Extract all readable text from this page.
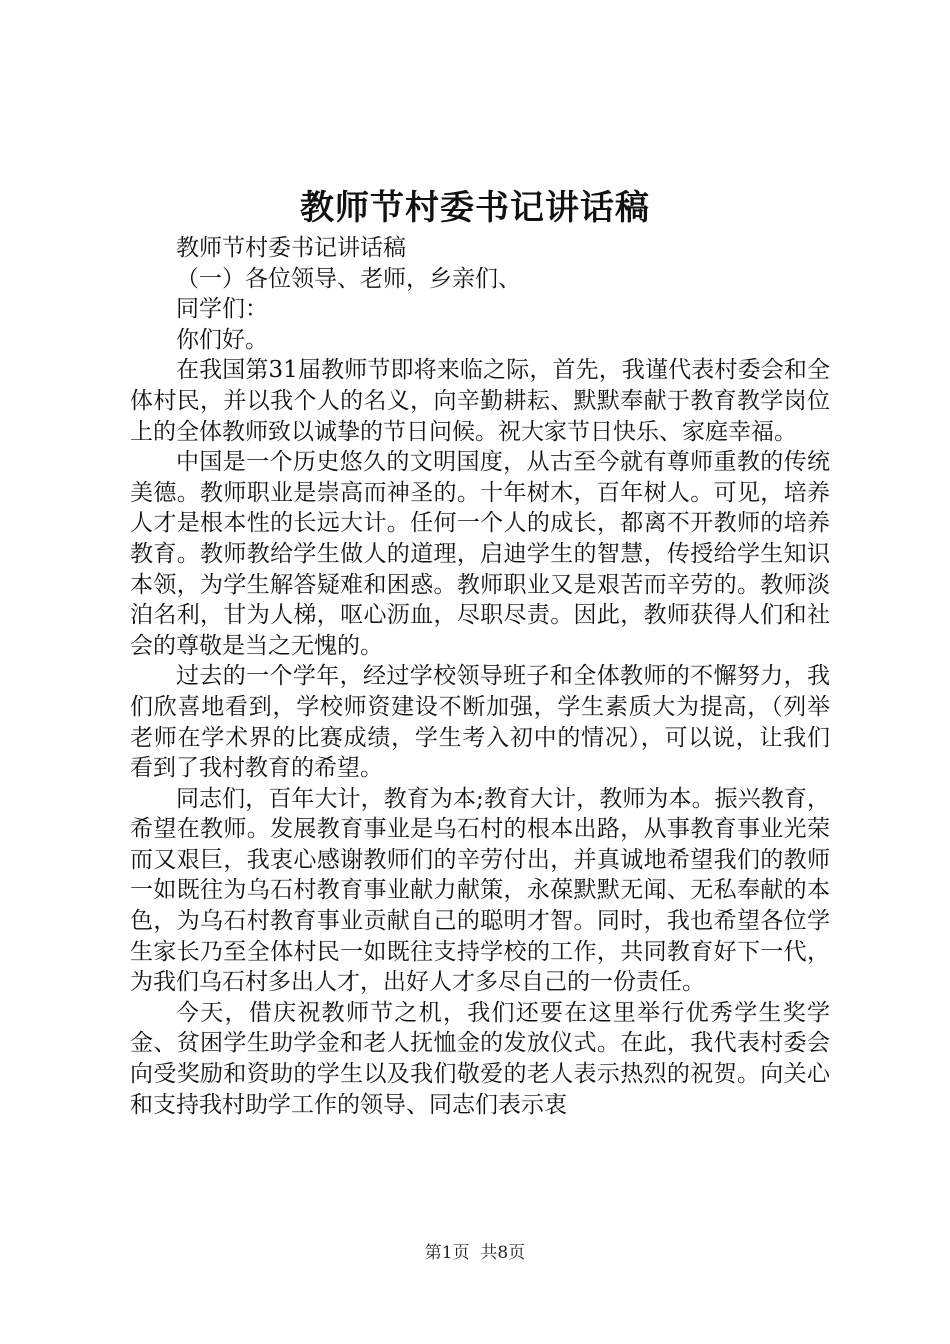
教师节村委书记讲话稿

教师节村委书记讲话稿

（一）各位领导、老师，乡亲们、

同学们：

你们好。

在我国第31届教师节即将来临之际，首先，我谨代表村委会和全体村民，并以我个人的名义，向辛勤耕耘、默默奉献于教育教学岗位上的全体教师致以诚挚的节日问候。祝大家节日快乐、家庭幸福。

中国是一个历史悠久的文明国度，从古至今就有尊师重教的传统美德。教师职业是崇高而神圣的。十年树木，百年树人。可见，培养人才是根本性的长远大计。任何一个人的成长，都离不开教师的培养教育。教师教给学生做人的道理，启迪学生的智慧，传授给学生知识本领，为学生解答疑难和困惑。教师职业又是艰苦而辛劳的。教师淡泊名利，甘为人梯，呕心沥血，尽职尽责。因此，教师获得人们和社会的尊敬是当之无愧的。

过去的一个学年，经过学校领导班子和全体教师的不懈努力，我们欣喜地看到，学校师资建设不断加强，学生素质大为提高，（列举老师在学术界的比赛成绩，学生考入初中的情况），可以说，让我们看到了我村教育的希望。

同志们，百年大计，教育为本;教育大计，教师为本。振兴教育，希望在教师。发展教育事业是乌石村的根本出路，从事教育事业光荣而又艰巨，我衷心感谢教师们的辛劳付出，并真诚地希望我们的教师一如既往为乌石村教育事业献力献策，永葆默默无闻、无私奉献的本色，为乌石村教育事业贡献自己的聪明才智。同时，我也希望各位学生家长乃至全体村民一如既往支持学校的工作，共同教育好下一代，为我们乌石村多出人才，出好人才多尽自己的一份责任。

今天，借庆祝教师节之机，我们还要在这里举行优秀学生奖学金、贫困学生助学金和老人抚恤金的发放仪式。在此，我代表村委会向受奖励和资助的学生以及我们敬爱的老人表示热烈的祝贺。向关心和支持我村助学工作的领导、同志们表示衷

第1页 共8页
